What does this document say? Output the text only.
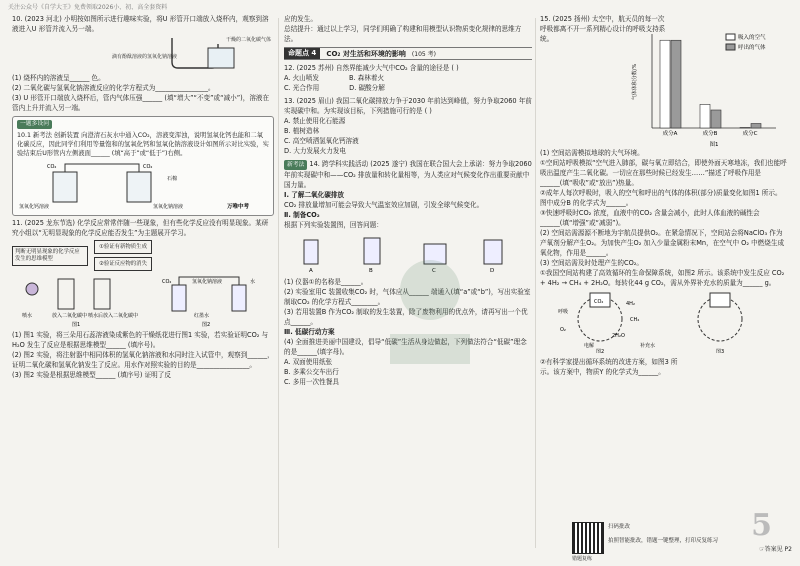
关注公众号《自学大王》免费领取2026小、初、高全套资料

10. (2023 河北) 小明按如图所示进行趣味实验，将U 形管开口端放入烧杯内，观察到溶液进入U 形管并流入另一端。

干燥的二氧化碳气体
滴有酚酞溶液的氢氧化钠溶液

(1) 烧杯内的溶液呈______ 色。

(2) 二氧化碳与氢氧化钠溶液反应的化学方程式为________________。

(3) U 形管开口端放入烧杯后，管内气体压强______ (填“增大”“不变”或“减小”)，溶液在管内上升并流入另一端。

一题多设问

10.1 新考法 创新装置 向澄清石灰水中通入CO₂，溶液变浑浊，说明氢氧化钙也能和二氧化碳反应，因此同学们利用等量饱和的氢氧化钙和氢氧化钠溶液设计如图所示对比实验，实验结束后U形管内左侧液面______ (填“高于”或“低于”)右侧。

CO₂	CO₂
石棉
氢氧化钙溶液	氢氧化钠溶液	万唯中考

11. (2025 龙东节选) 化学反应常常伴随一些现象，但有些化学反应没有明显现象。某研究小组以“无明显现象的化学反应能否发生”为主题展开学习。

判断无明显现象的化学反应发生的思维模型
①验证有新物质生成
②验证反应物的消失
喷水	放入二氧化碳中 喷水后放入二氧化碳中
图1
CO₂	氢氧化钠溶液	水
红墨水
图2

(1) 图1 实验，将三朵用石蕊溶液染成紫色的干燥纸花进行图1 实验，若实验证明CO₂ 与H₂O 发生了反应是根据思维模型______ (填序号)。

(2) 图2 实验，将注射器中相同体积的氢氧化钠溶液和水同时注入试管中，观察到______，证明二氧化碳和氢氧化钠发生了反应。用水作对照实验的目的是________________。

(3) 图2 实验是根据思维模型______ (填序号) 证明了反

应的发生。

总结提升：通过以上学习，同学们明确了构建和用模型认识物质变化规律的思维方法。

命题点 4	CO₂ 对生活和环境的影响 (105 考)

12. (2025 苏州) 自然界能减少大气中CO₂ 含量的途径是 ( )

A. 火山喷发	B. 森林着火
C. 光合作用	D. 碳酸分解

13. (2025 眉山) 我国二氧化碳排放力争于2030 年前达到峰值，努力争取2060 年前实现碳中和。为实现该目标，下列措施可行的是 ( )

A. 禁止使用化石能源

B. 植树造林

C. 高空喷洒氢氧化钙溶液

D. 大力发展火力发电

新考法 14. 跨学科实践活动 (2025 遂宁) 我国在联合国大会上承诺：努力争取2060 年前实现碳中和——CO₂ 排放量和转化量相等，为人类应对气候变化作出重要贡献中国力量。

Ⅰ. 了解二氧化碳排放

CO₂ 排放量增加可能会导致大气温室效应加剧，引发全球气候变化。

Ⅱ. 制备CO₂

根据下列实验装置图，回答问题：

A	B	C	D

(1) 仪器①的名称是______。

(2) 实验室用C 装置收集CO₂ 时，气体应从______ 端通入(填“a”或“b”)，写出实验室制取CO₂ 的化学方程式________。

(3) 若用装置B 作为CO₂ 制取的发生装置，除了废物利用的优点外，请再写出一个优点______。

Ⅲ. 低碳行动方案

(4) 全面推进美丽中国建设，倡导“低碳”生活从身边做起，下列做法符合“低碳”理念的是______(填字母)。

A. 双面使用纸张

B. 多乘公交车出行

C. 多用一次性餐具

15. (2025 扬州) 太空中，航天员的每一次呼吸都离不开一系列精心设计的呼吸支持系统。
气体体积分数/%
成分A	成分B	成分C
吸入的空气
呼出的气体
图1

(1) 空间站需模拟地球的大气环境。

①空间站呼吸模拟“空气进入肺部，碳与氧立即结合，即使外面天寒地冻，我们也能呼吸出温度产生二氧化碳。一切应在那些时候已经发生……”描述了呼吸作用是______(填“吸收”或“放出”)热量。

②成年人每次呼吸时，吸入的空气和呼出的气体的体积(部分)质量变化如图1 所示。图中成分B 的化学式为______。

③快速呼吸时CO₂ 浓度，血液中的CO₂ 含量会减小，此时人体血液的碱性会______(填“增强”或“减弱”)。

(2) 空间站需源源不断地为宇航员提供O₂。在紧急情况下，空间站会将NaClO₃ 作为产氧剂分解产生O₂。为加快产生O₂ 加入少量金属粉末Mn，在空气中 O₂ 中燃烧生成氧化物，作用是______。

(3) 空间站需及时处理产生的CO₂。

①我国空间站构建了高效循环的生命保障系统，如图2 所示。该系统中发生反应 CO₂ + 4H₂ → CH₄ + 2H₂O。每转化44 g CO₂，需从外界补充水的质量为______ g。

呼吸
CO₂	4H₂
CH₄
2H₂O
O₂
电解	补充水
图2	图3
②有科学家提出循环系统的改进方案，如图3 所示。该方案中，物质Y 的化学式为______。
扫码批改
拍照智能批改，错题一键整理，打印反复练习
错题复练
5
☞答案见 P2
